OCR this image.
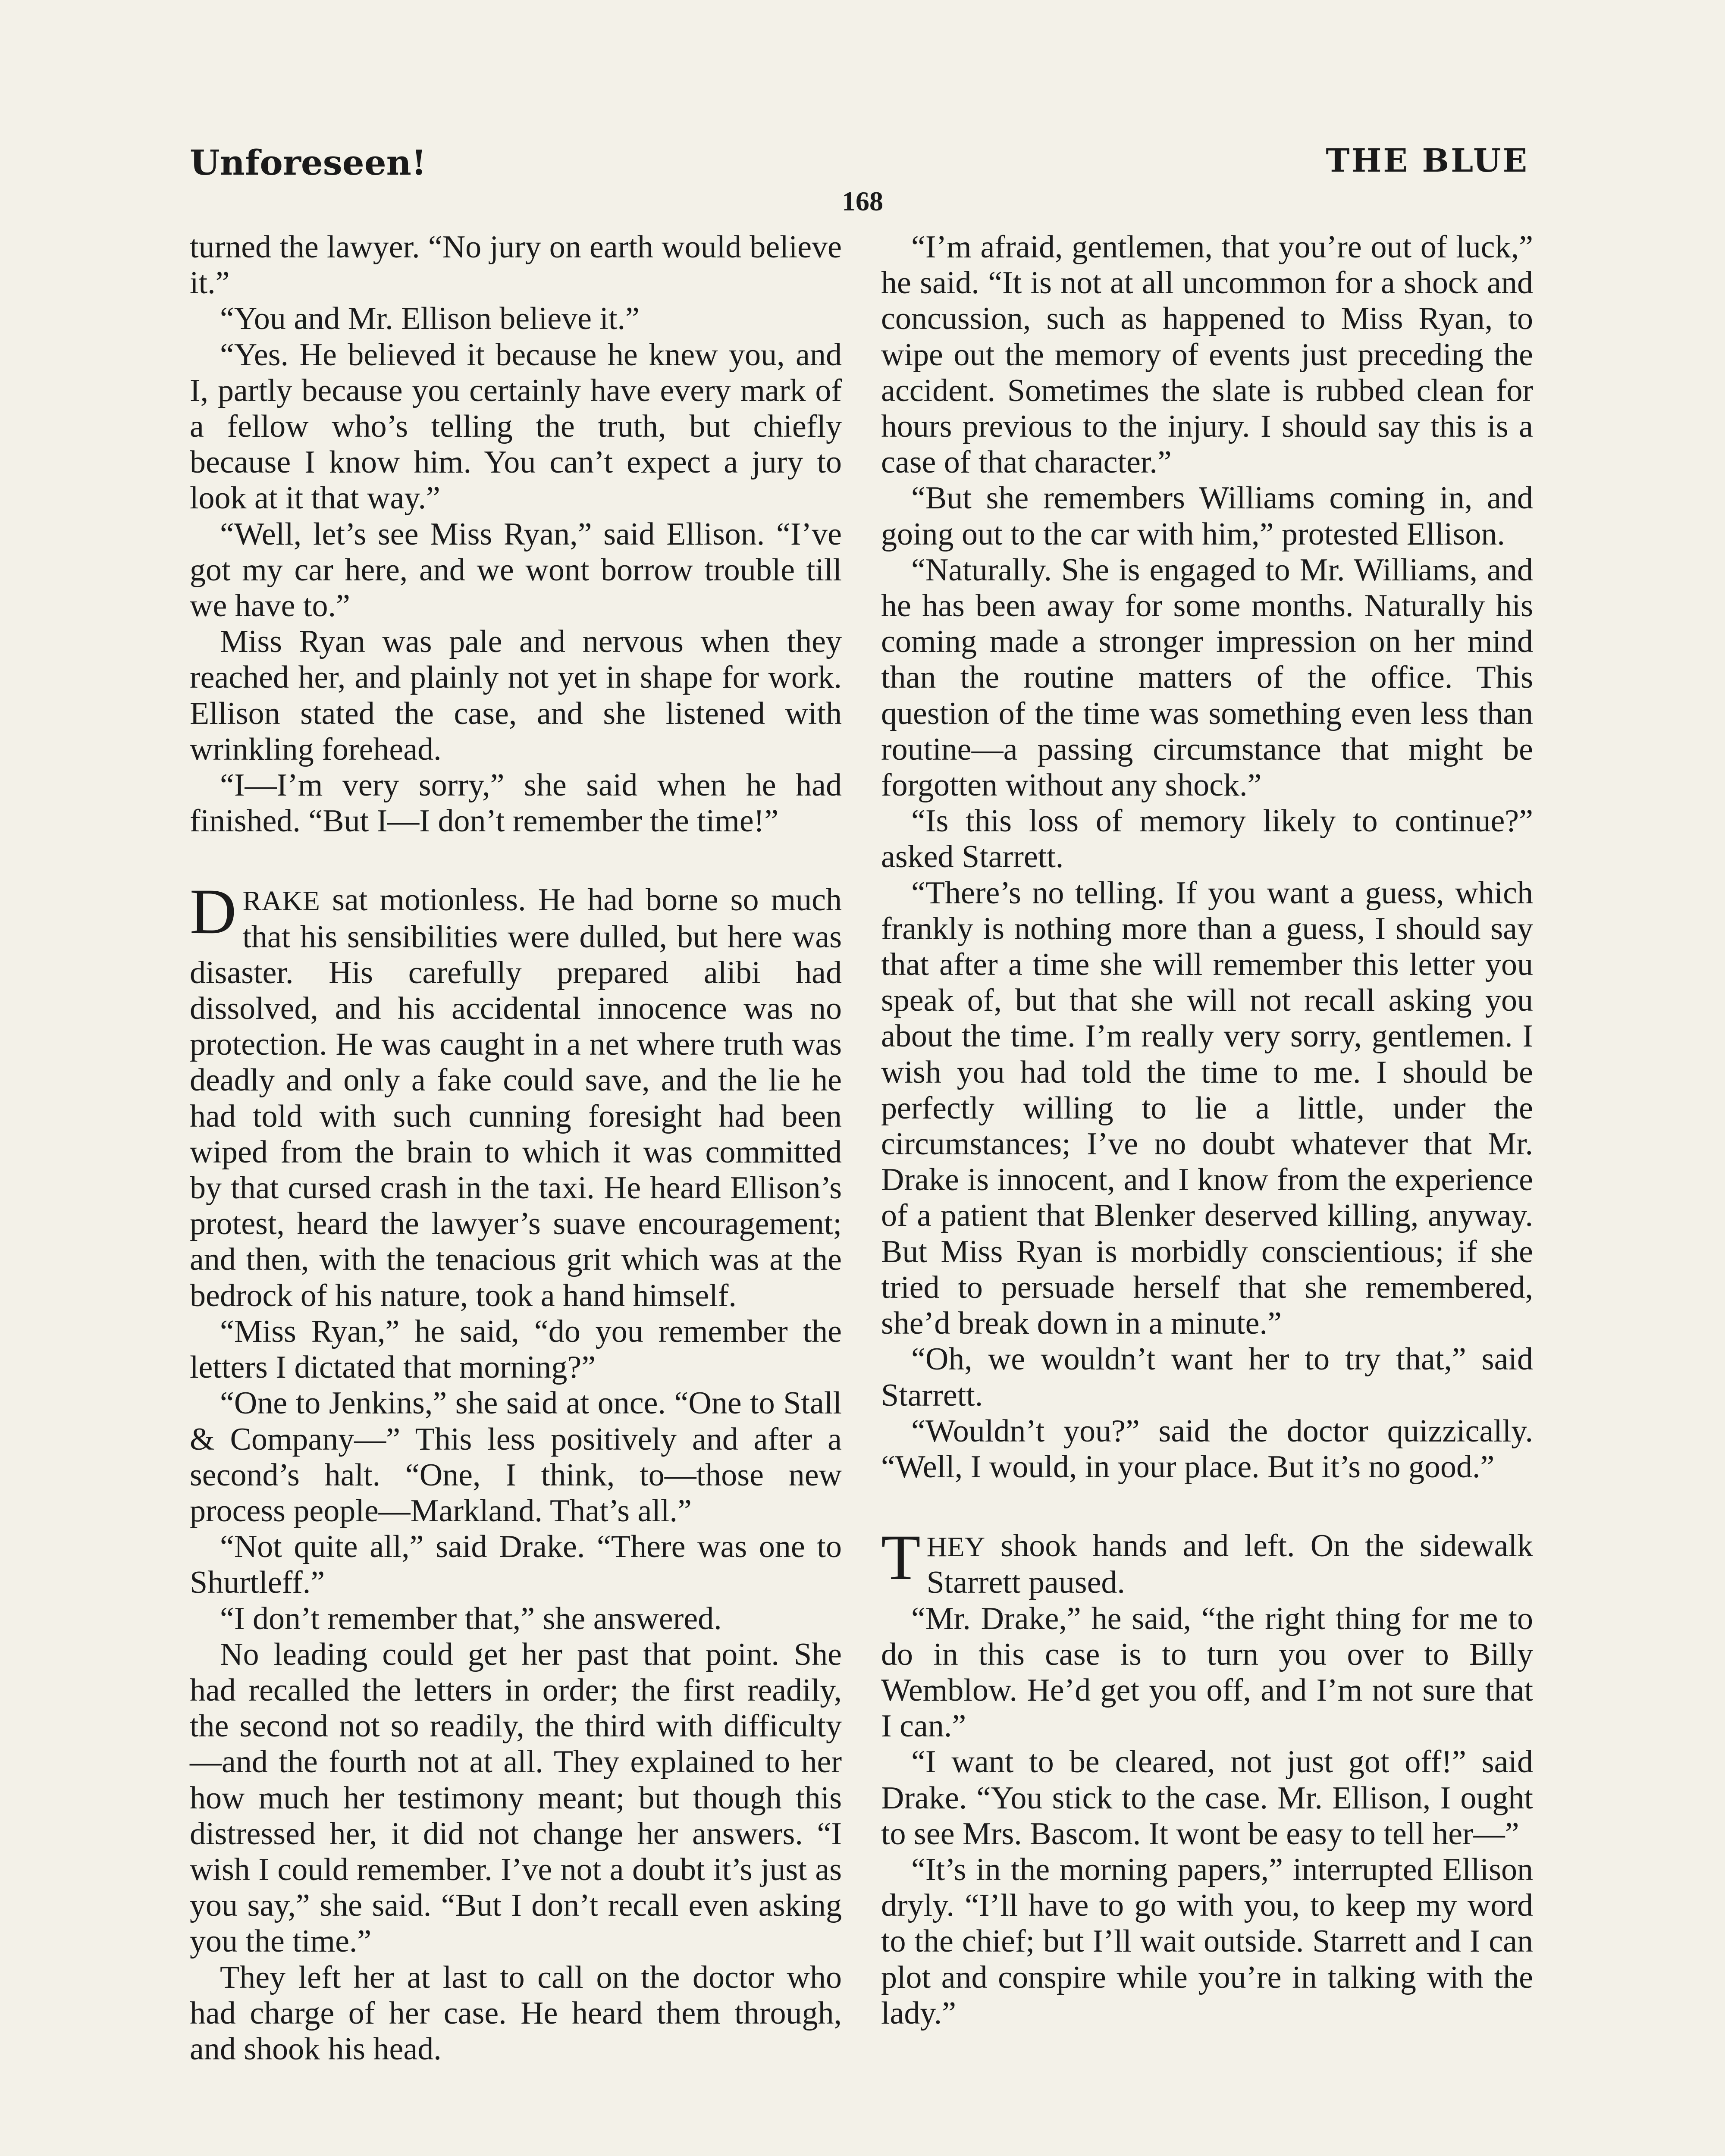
Unforeseen!	THE BLUE
168

turned the lawyer. “No jury on earth would believe it.”

“You and Mr. Ellison believe it.”

“Yes. He believed it because he knew you, and I, partly because you certainly have every mark of a fellow who’s telling the truth, but chiefly because I know him. You can’t expect a jury to look at it that way.”

“Well, let’s see Miss Ryan,” said Ellison. “I’ve got my car here, and we wont borrow trouble till we have to.”

Miss Ryan was pale and nervous when they reached her, and plainly not yet in shape for work. Ellison stated the case, and she listened with wrinkling forehead.

“I—I’m very sorry,” she said when he had finished. “But I—I don’t remember the time!”

DRAKE sat motionless. He had borne so much that his sensibilities were dulled, but here was disaster. His carefully prepared alibi had dissolved, and his accidental innocence was no protection. He was caught in a net where truth was deadly and only a fake could save, and the lie he had told with such cunning foresight had been wiped from the brain to which it was committed by that cursed crash in the taxi. He heard Ellison’s protest, heard the lawyer’s suave encouragement; and then, with the tenacious grit which was at the bedrock of his nature, took a hand himself.

“Miss Ryan,” he said, “do you remember the letters I dictated that morning?”

“One to Jenkins,” she said at once. “One to Stall & Company—” This less positively and after a second’s halt. “One, I think, to—those new process people—Markland. That’s all.”

“Not quite all,” said Drake. “There was one to Shurtleff.”

“I don’t remember that,” she answered.

No leading could get her past that point. She had recalled the letters in order; the first readily, the second not so readily, the third with difficulty—and the fourth not at all. They explained to her how much her testimony meant; but though this distressed her, it did not change her answers. “I wish I could remember. I’ve not a doubt it’s just as you say,” she said. “But I don’t recall even asking you the time.”

They left her at last to call on the doctor who had charge of her case. He heard them through, and shook his head.

“I’m afraid, gentlemen, that you’re out of luck,” he said. “It is not at all uncommon for a shock and concussion, such as happened to Miss Ryan, to wipe out the memory of events just preceding the accident. Sometimes the slate is rubbed clean for hours previous to the injury. I should say this is a case of that character.”

“But she remembers Williams coming in, and going out to the car with him,” protested Ellison.

“Naturally. She is engaged to Mr. Williams, and he has been away for some months. Naturally his coming made a stronger impression on her mind than the routine matters of the office. This question of the time was something even less than routine—a passing circumstance that might be forgotten without any shock.”

“Is this loss of memory likely to continue?” asked Starrett.

“There’s no telling. If you want a guess, which frankly is nothing more than a guess, I should say that after a time she will remember this letter you speak of, but that she will not recall asking you about the time. I’m really very sorry, gentlemen. I wish you had told the time to me. I should be perfectly willing to lie a little, under the circumstances; I’ve no doubt whatever that Mr. Drake is innocent, and I know from the experience of a patient that Blenker deserved killing, anyway. But Miss Ryan is morbidly conscientious; if she tried to persuade herself that she remembered, she’d break down in a minute.”

“Oh, we wouldn’t want her to try that,” said Starrett.

“Wouldn’t you?” said the doctor quizzically. “Well, I would, in your place. But it’s no good.”

THEY shook hands and left. On the sidewalk Starrett paused.

“Mr. Drake,” he said, “the right thing for me to do in this case is to turn you over to Billy Wemblow. He’d get you off, and I’m not sure that I can.”

“I want to be cleared, not just got off!” said Drake. “You stick to the case. Mr. Ellison, I ought to see Mrs. Bascom. It wont be easy to tell her—”

“It’s in the morning papers,” interrupted Ellison dryly. “I’ll have to go with you, to keep my word to the chief; but I’ll wait outside. Starrett and I can plot and conspire while you’re in talking with the lady.”
